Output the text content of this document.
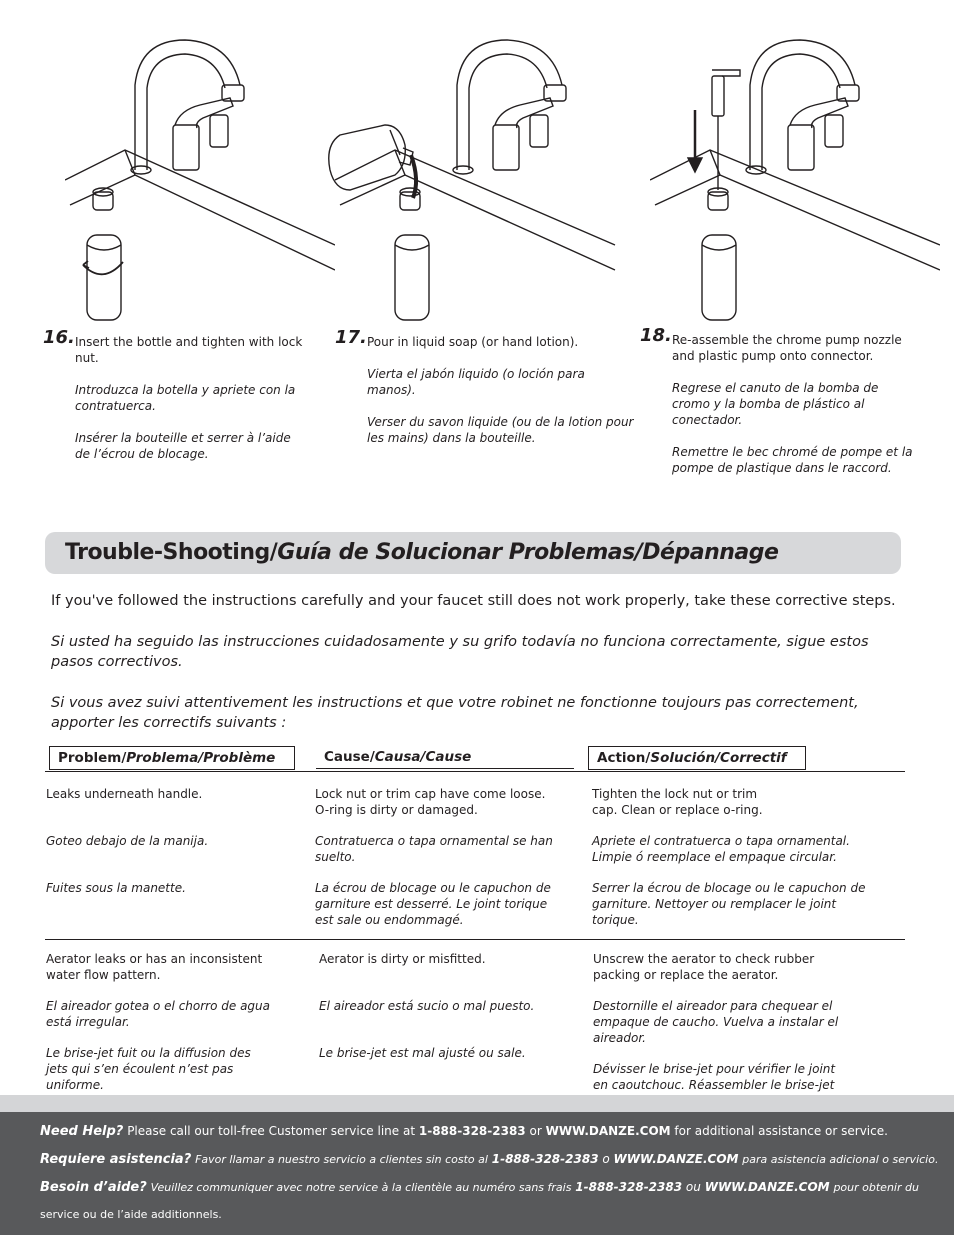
16. Insert the bottle and tighten with lock nut.

Introduzca la botella y apriete con la contratuerca.

Insérer la bouteille et serrer à l’aide de l’écrou de blocage.

17. Pour in liquid soap (or hand lotion).

Vierta el jabón liquido (o loción para manos).

Verser du savon liquide (ou de la lotion pour les mains) dans la bouteille.

18. Re-assemble the chrome pump nozzle and plastic pump onto connector.

Regrese el canuto de la bomba de cromo y la bomba de plástico al conectador.

Remettre le bec chromé de pompe et la pompe de plastique dans le raccord.

Trouble-Shooting/Guía de Solucionar Problemas/Dépannage
If you've followed the instructions carefully and your faucet still does not work properly, take these corrective steps.
Si usted ha seguido las instrucciones cuidadosamente y su grifo todavía no funciona correctamente, sigue estos pasos correctivos.
Si vous avez suivi attentivement les instructions et que votre robinet ne fonctionne toujours pas correctement, apporter les correctifs suivants :
Problem/Problema/Problème	Cause/Causa/Cause	Action/Solución/Correctif

Leaks underneath handle.

Goteo debajo de la manija.

Fuites sous la manette.

Lock nut or trim cap have come loose. O-ring is dirty or damaged.

Contratuerca o tapa ornamental se han suelto.

La écrou de blocage ou le capuchon de garniture est desserré. Le joint torique est sale ou endommagé.

Tighten the lock nut or trim cap. Clean or replace o-ring.

Apriete el contratuerca o tapa ornamental. Limpie ó reemplace el empaque circular.

Serrer la écrou de blocage ou le capuchon de garniture. Nettoyer ou remplacer le joint torique.

Aerator leaks or has an inconsistent water flow pattern.

El aireador gotea o el chorro de agua está irregular.

Le brise-jet fuit ou la diffusion des jets qui s’en écoulent n’est pas uniforme.

Aerator is dirty or misfitted.

El aireador está sucio o mal puesto.

Le brise-jet est mal ajusté ou sale.

Unscrew the aerator to check rubber packing or replace the aerator.

Destornille el aireador para chequear el empaque de caucho. Vuelva a instalar el aireador.

Dévisser le brise-jet pour vérifier le joint en caoutchouc. Réassembler le brise-jet

Need Help? Please call our toll-free Customer service line at 1-888-328-2383 or WWW.DANZE.COM for additional assistance or service.
Requiere asistencia? Favor llamar a nuestro servicio a clientes sin costo al 1-888-328-2383 o WWW.DANZE.COM para asistencia adicional o servicio.
Besoin d’aide? Veuillez communiquer avec notre service à la clientèle au numéro sans frais 1-888-328-2383 ou WWW.DANZE.COM pour obtenir du
service ou de l’aide additionnels.
